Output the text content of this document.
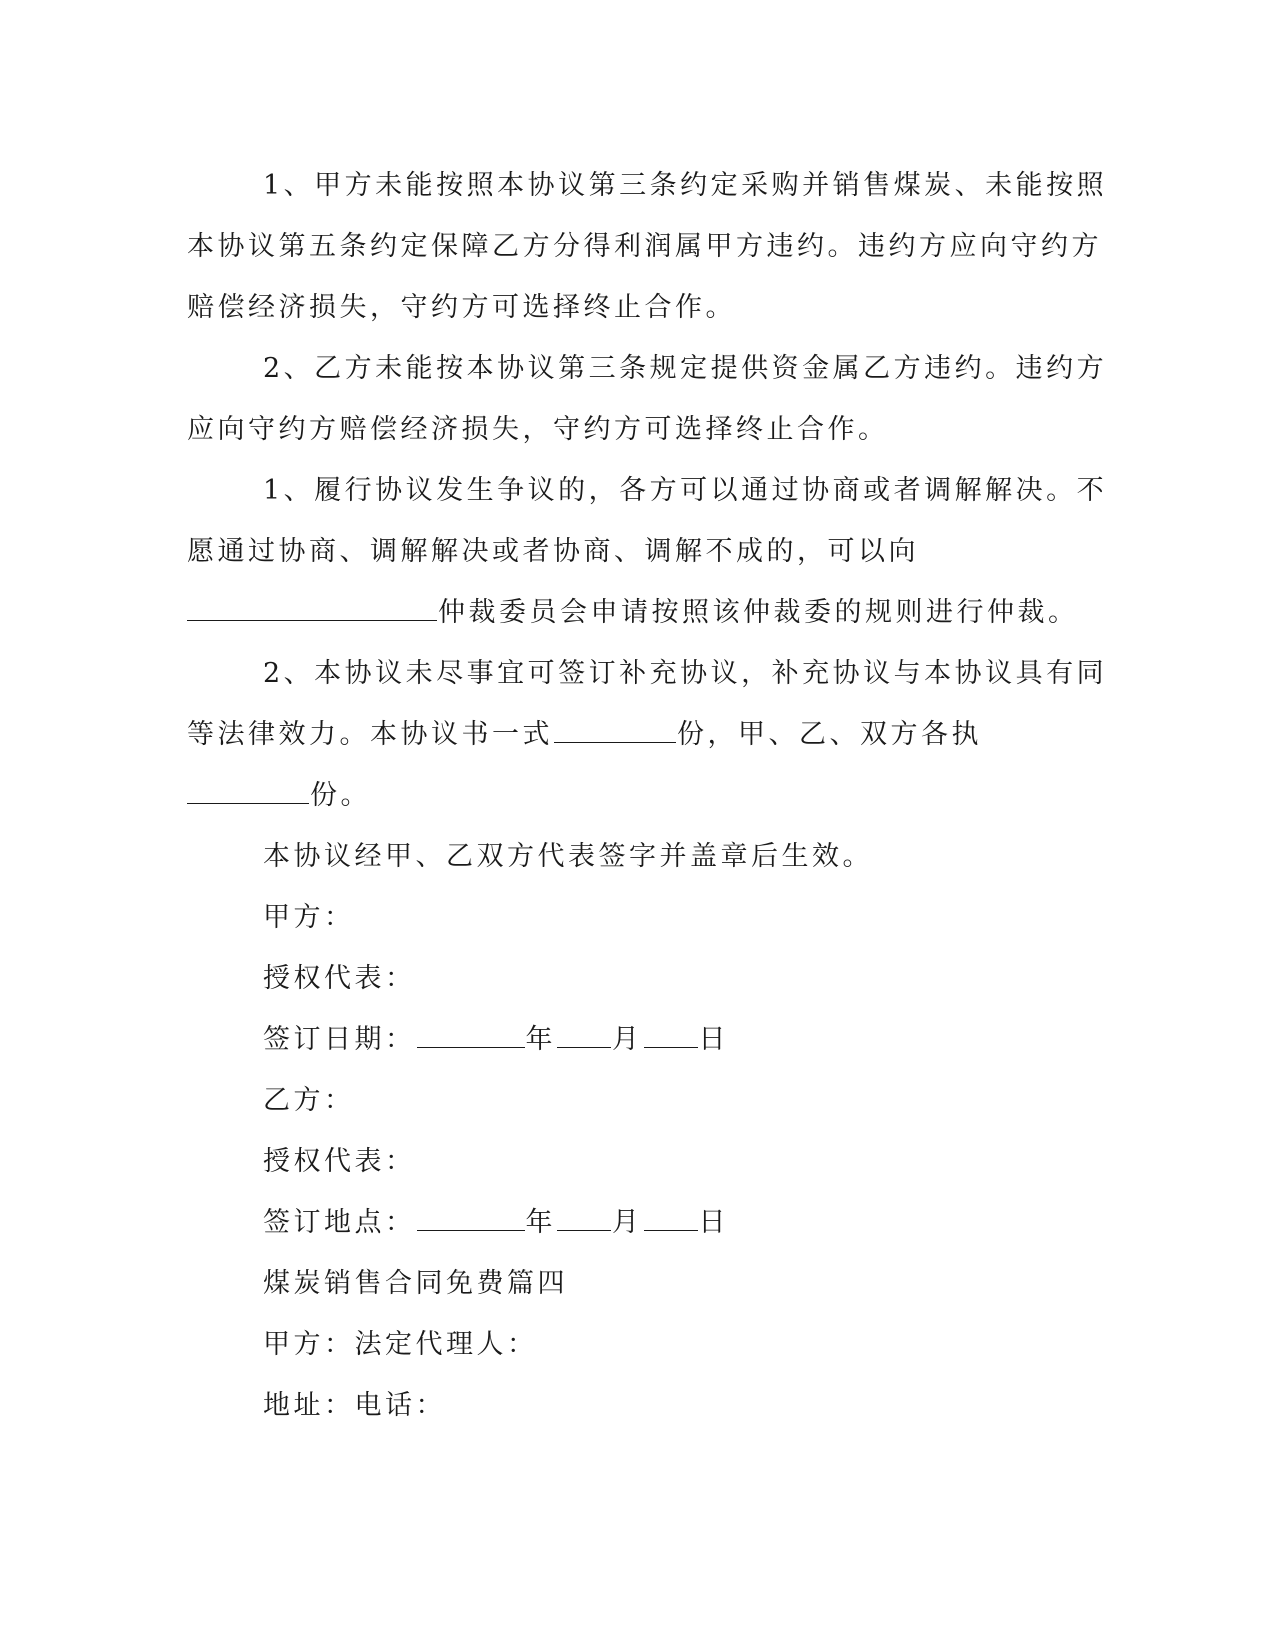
1、甲方未能按照本协议第三条约定采购并销售煤炭、未能按照

本协议第五条约定保障乙方分得利润属甲方违约。违约方应向守约方

赔偿经济损失，守约方可选择终止合作。

2、乙方未能按本协议第三条规定提供资金属乙方违约。违约方

应向守约方赔偿经济损失，守约方可选择终止合作。

1、履行协议发生争议的，各方可以通过协商或者调解解决。不

愿通过协商、调解解决或者协商、调解不成的，可以向

仲裁委员会申请按照该仲裁委的规则进行仲裁。

2、本协议未尽事宜可签订补充协议，补充协议与本协议具有同

等法律效力。本协议书一式	份，甲、乙、双方各执

份。

本协议经甲、乙双方代表签字并盖章后生效。

甲方：

授权代表：

签订日期：	年 月 日

乙方：

授权代表：

签订地点：	年 月 日

煤炭销售合同免费篇四

甲方：法定代理人：

地址：电话：
